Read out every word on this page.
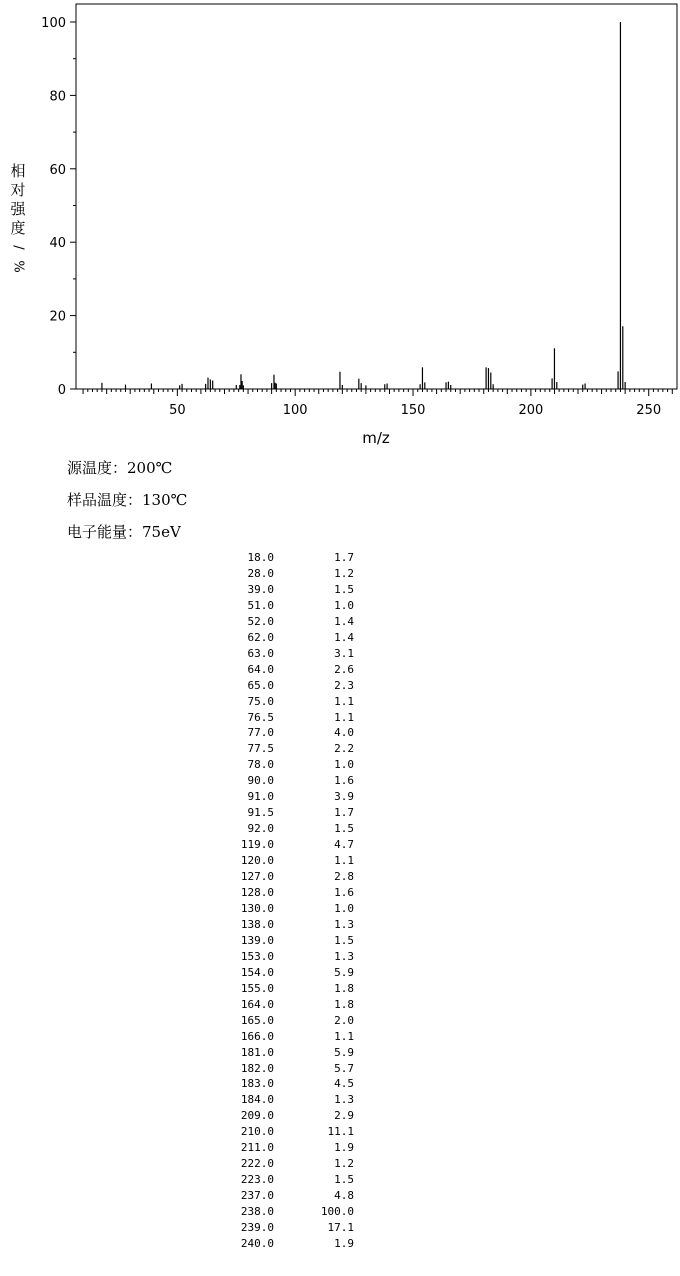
50	100	150	200	250
0
20
40
60
80
100
m/z
相
对
强
度
/
%
源温度：200℃
样品温度：130℃
电子能量：75eV
18.0	1.7
28.0	1.2
39.0	1.5
51.0	1.0
52.0	1.4
62.0	1.4
63.0	3.1
64.0	2.6
65.0	2.3
75.0	1.1
76.5	1.1
77.0	4.0
77.5	2.2
78.0	1.0
90.0	1.6
91.0	3.9
91.5	1.7
92.0	1.5
119.0	4.7
120.0	1.1
127.0	2.8
128.0	1.6
130.0	1.0
138.0	1.3
139.0	1.5
153.0	1.3
154.0	5.9
155.0	1.8
164.0	1.8
165.0	2.0
166.0	1.1
181.0	5.9
182.0	5.7
183.0	4.5
184.0	1.3
209.0	2.9
210.0	11.1
211.0	1.9
222.0	1.2
223.0	1.5
237.0	4.8
238.0	100.0
239.0	17.1
240.0	1.9
